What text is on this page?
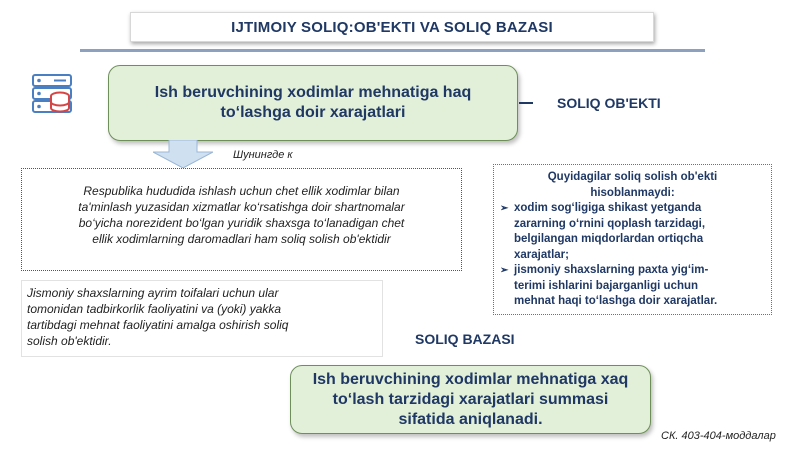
IJTIMOIY SOLIQ:OB'EKTI VA SOLIQ BAZASI
Ish beruvchining xodimlar mehnatiga haq
to‘lashga doir xarajatlari
SOLIQ OB'EKTI
Шунингде к
Respublika hududida ishlash uchun chet ellik xodimlar bilan
ta'minlash yuzasidan xizmatlar ko‘rsatishga doir shartnomalar
bo‘yicha norezident bo‘lgan yuridik shaxsga to‘lanadigan chet
ellik xodimlarning daromadlari ham soliq solish ob'ektidir
Jismoniy shaxslarning ayrim toifalari uchun ular
tomonidan tadbirkorlik faoliyatini va (yoki) yakka
tartibdagi mehnat faoliyatini amalga oshirish soliq
solish ob'ektidir.
Quyidagilar soliq solish ob'ekti
hisoblanmaydi:
➢ xodim sog‘ligiga shikast yetganda
zararning o‘rnini qoplash tarzidagi,
belgilangan miqdorlardan ortiqcha
xarajatlar;
➢ jismoniy shaxslarning paxta yig‘im-
terimi ishlarini bajarganligi uchun
mehnat haqi to‘lashga doir xarajatlar.
SOLIQ BAZASI
Ish beruvchining xodimlar mehnatiga xaq
to‘lash tarzidagi xarajatlari summasi
sifatida aniqlanadi.
СК. 403-404-моддалар
